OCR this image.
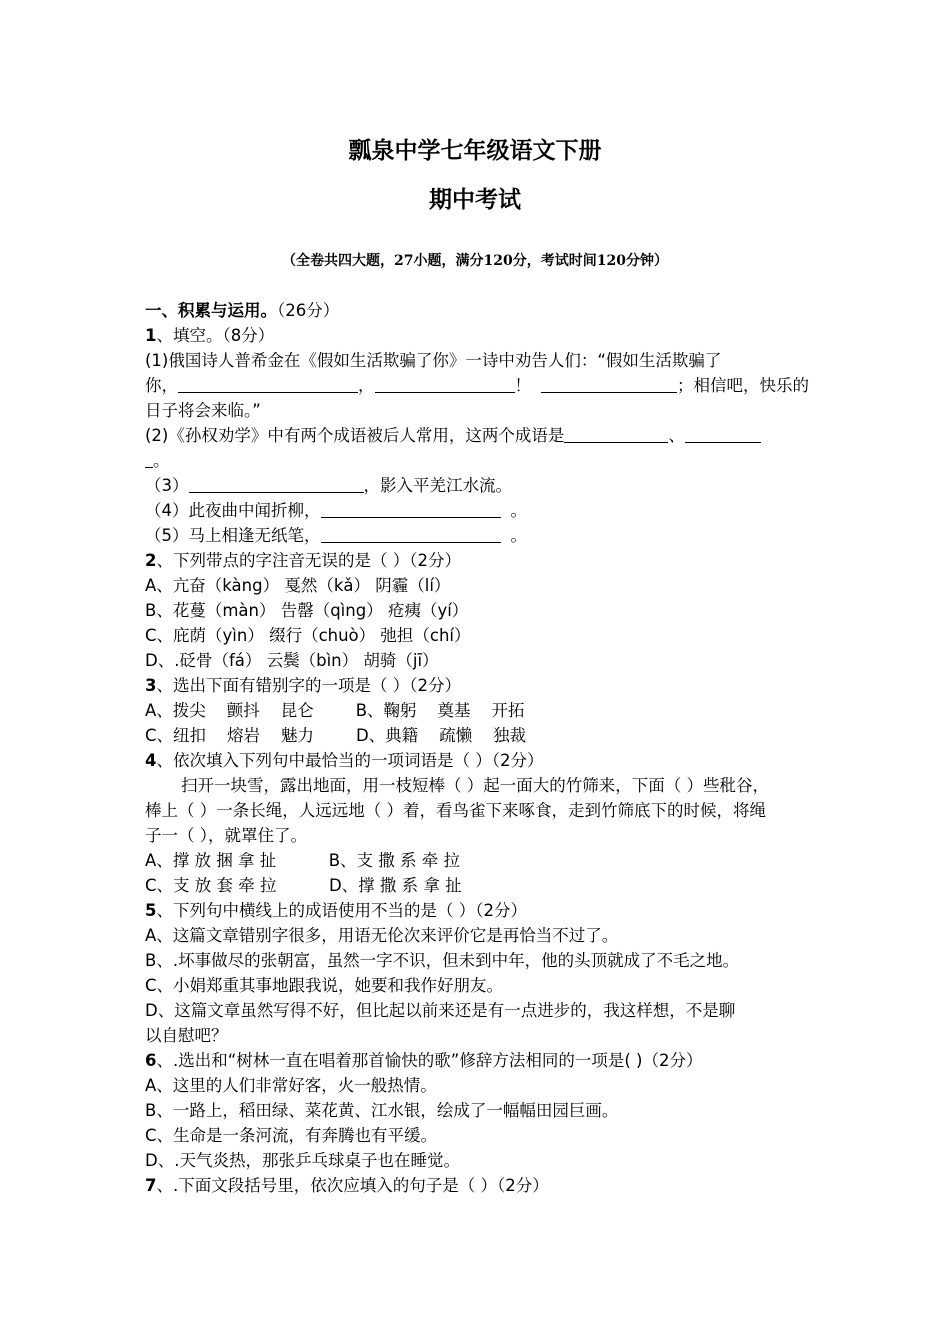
瓢泉中学七年级语文下册
期中考试
（全卷共四大题，27小题，满分120分，考试时间120分钟）
一、积累与运用。（26分）
1、填空。（8分）
(1)俄国诗人普希金在《假如生活欺骗了你》一诗中劝告人们：“假如生活欺骗了
你，	，	！	；相信吧，快乐的
日子将会来临。”
(2)《孙权劝学》中有两个成语被后人常用，这两个成语是	、
。
（3）	，影入平羌江水流。
（4）此夜曲中闻折柳，	。
（5）马上相逢无纸笔，	。
2、下列带点的字注音无误的是（ ）（2分）
A、亢奋（kàng） 戛然（kǎ） 阴霾（lí）
B、花蔓（màn） 告罄（qìng） 疮痍（yí）
C、庇荫（yìn） 缀行（chuò） 弛担（chí）
D、.砭骨（fá） 云鬓（bìn） 胡骑（jī）
3、选出下面有错别字的一项是（ ）（2分）
A、拨尖    颤抖    昆仑        B、鞠躬    奠基    开拓
C、纽扣    熔岩    魅力        D、典籍    疏懒    独裁
4、依次填入下列句中最恰当的一项词语是（ ）（2分）
扫开一块雪，露出地面，用一枝短棒（ ）起一面大的竹筛来，下面（ ）些秕谷，
棒上（ ）一条长绳，人远远地（ ）着，看鸟雀下来啄食，走到竹筛底下的时候，将绳
子一（ ），就罩住了。
A、撑 放 捆 拿 扯          B、支 撒 系 牵 拉
C、支 放 套 牵 拉          D、撑 撒 系 拿 扯
5、下列句中横线上的成语使用不当的是（ ）（2分）
A、这篇文章错别字很多，用语无伦次来评价它是再恰当不过了。
B、.坏事做尽的张朝富，虽然一字不识，但未到中年，他的头顶就成了不毛之地。
C、小娟郑重其事地跟我说，她要和我作好朋友。
D、这篇文章虽然写得不好，但比起以前来还是有一点进步的，我这样想，不是聊
以自慰吧？
6、.选出和“树林一直在唱着那首愉快的歌”修辞方法相同的一项是( )（2分）
A、这里的人们非常好客，火一般热情。
B、一路上，稻田绿、菜花黄、江水银，绘成了一幅幅田园巨画。
C、生命是一条河流，有奔腾也有平缓。
D、.天气炎热，那张乒乓球桌子也在睡觉。
7、.下面文段括号里，依次应填入的句子是（ ）（2分）
